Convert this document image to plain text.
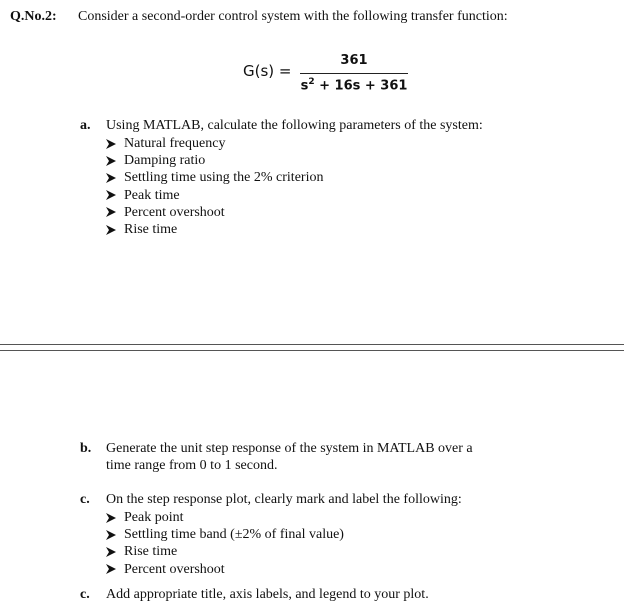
Q.No.2: Consider a second-order control system with the following transfer function:
G(s) =
361
$s^2 + 16s + 361$
a. Using MATLAB, calculate the following parameters of the system:
Natural frequency
Damping ratio
Settling time using the 2% criterion
Peak time
Percent overshoot
Rise time
b. Generate the unit step response of the system in MATLAB over a
time range from 0 to 1 second.
c. On the step response plot, clearly mark and label the following:
Peak point
Settling time band (±2% of final value)
Rise time
Percent overshoot
c. Add appropriate title, axis labels, and legend to your plot.
